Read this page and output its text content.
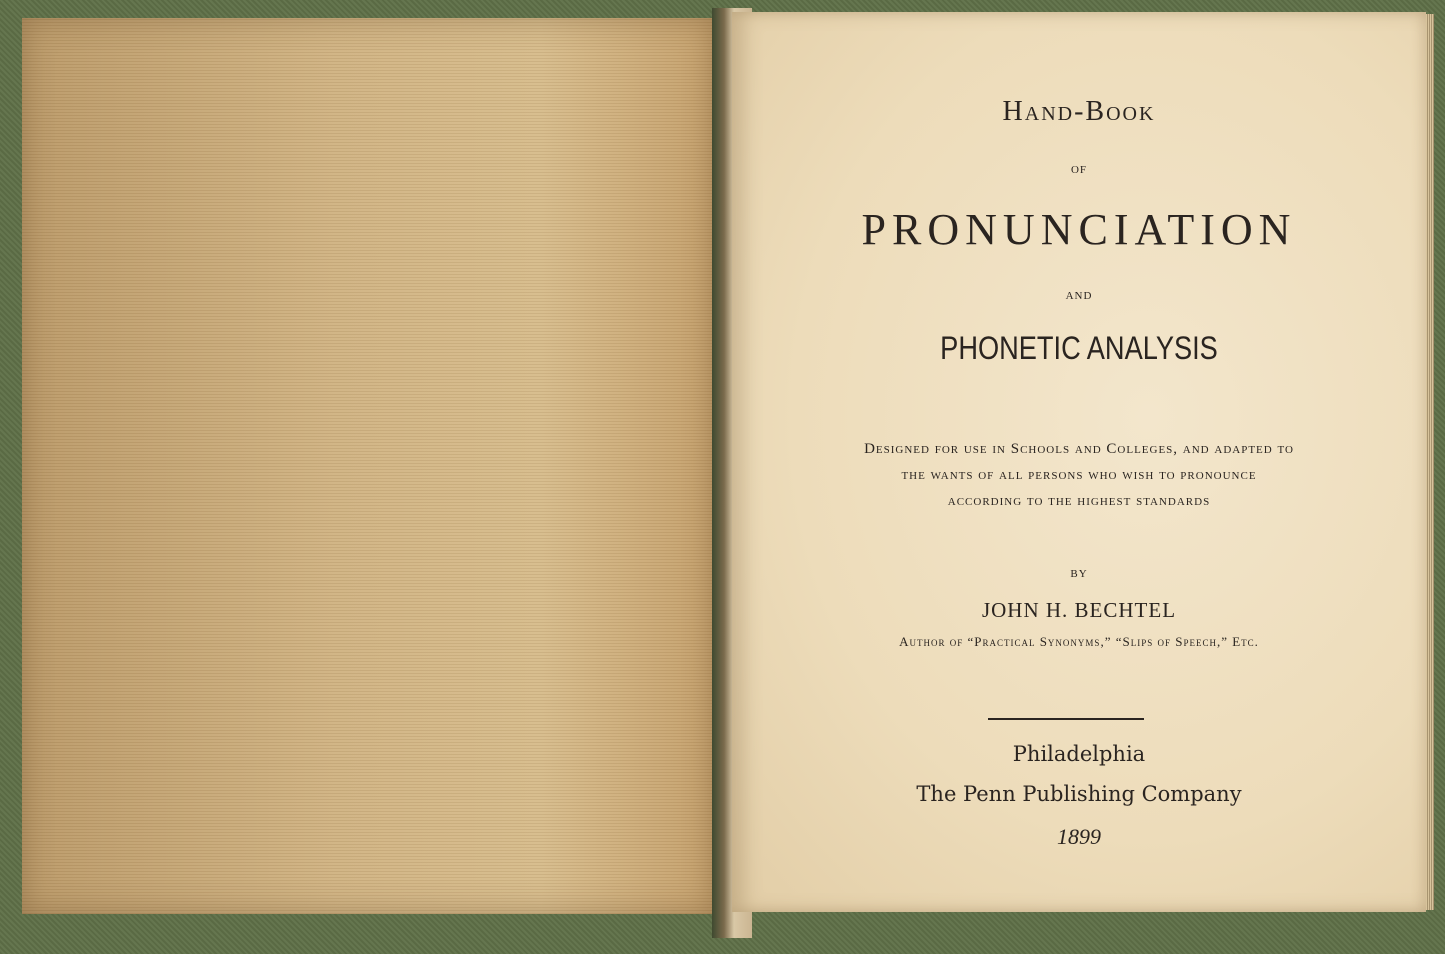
Hand-Book
OF
PRONUNCIATION
AND
PHONETIC ANALYSIS
Designed for use in Schools and Colleges, and adapted to
the wants of all persons who wish to pronounce
according to the highest standards
BY
JOHN H. BECHTEL
Author of “Practical Synonyms,” “Slips of Speech,” Etc.
Philadelphia
The Penn Publishing Company
1899
